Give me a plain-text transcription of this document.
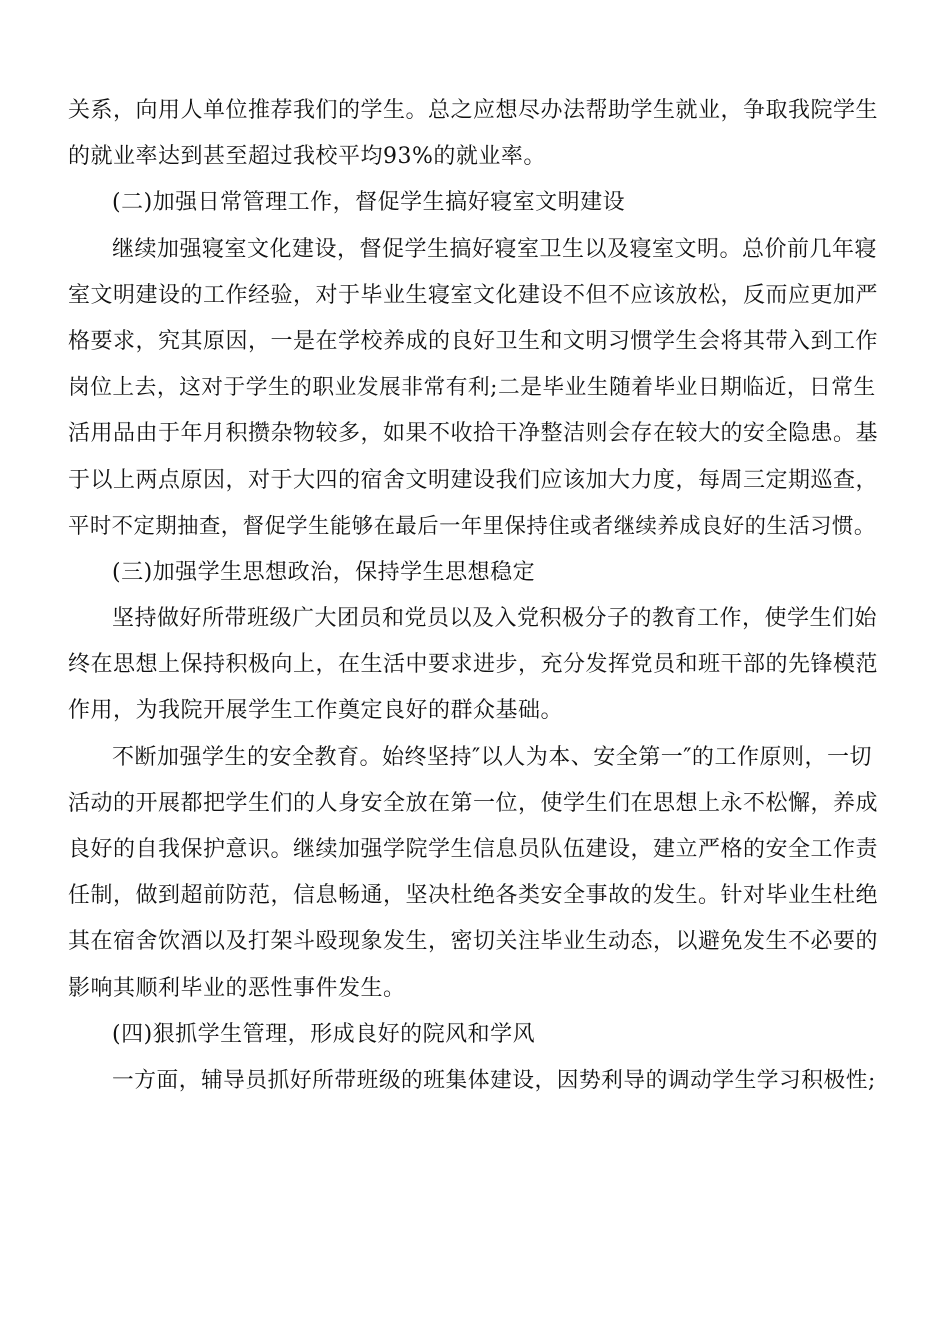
关系，向用人单位推荐我们的学生。总之应想尽办法帮助学生就业，争取我院学生
的就业率达到甚至超过我校平均93%的就业率。
(二)加强日常管理工作，督促学生搞好寝室文明建设
继续加强寝室文化建设，督促学生搞好寝室卫生以及寝室文明。总价前几年寝
室文明建设的工作经验，对于毕业生寝室文化建设不但不应该放松，反而应更加严
格要求，究其原因，一是在学校养成的良好卫生和文明习惯学生会将其带入到工作
岗位上去，这对于学生的职业发展非常有利;二是毕业生随着毕业日期临近，日常生
活用品由于年月积攒杂物较多，如果不收拾干净整洁则会存在较大的安全隐患。基
于以上两点原因，对于大四的宿舍文明建设我们应该加大力度，每周三定期巡查，
平时不定期抽查，督促学生能够在最后一年里保持住或者继续养成良好的生活习惯。
(三)加强学生思想政治，保持学生思想稳定
坚持做好所带班级广大团员和党员以及入党积极分子的教育工作，使学生们始
终在思想上保持积极向上，在生活中要求进步，充分发挥党员和班干部的先锋模范
作用，为我院开展学生工作奠定良好的群众基础。
不断加强学生的安全教育。始终坚持″以人为本、安全第一″的工作原则，一切
活动的开展都把学生们的人身安全放在第一位，使学生们在思想上永不松懈，养成
良好的自我保护意识。继续加强学院学生信息员队伍建设，建立严格的安全工作责
任制，做到超前防范，信息畅通，坚决杜绝各类安全事故的发生。针对毕业生杜绝
其在宿舍饮酒以及打架斗殴现象发生，密切关注毕业生动态，以避免发生不必要的
影响其顺利毕业的恶性事件发生。
(四)狠抓学生管理，形成良好的院风和学风
一方面，辅导员抓好所带班级的班集体建设，因势利导的调动学生学习积极性;
